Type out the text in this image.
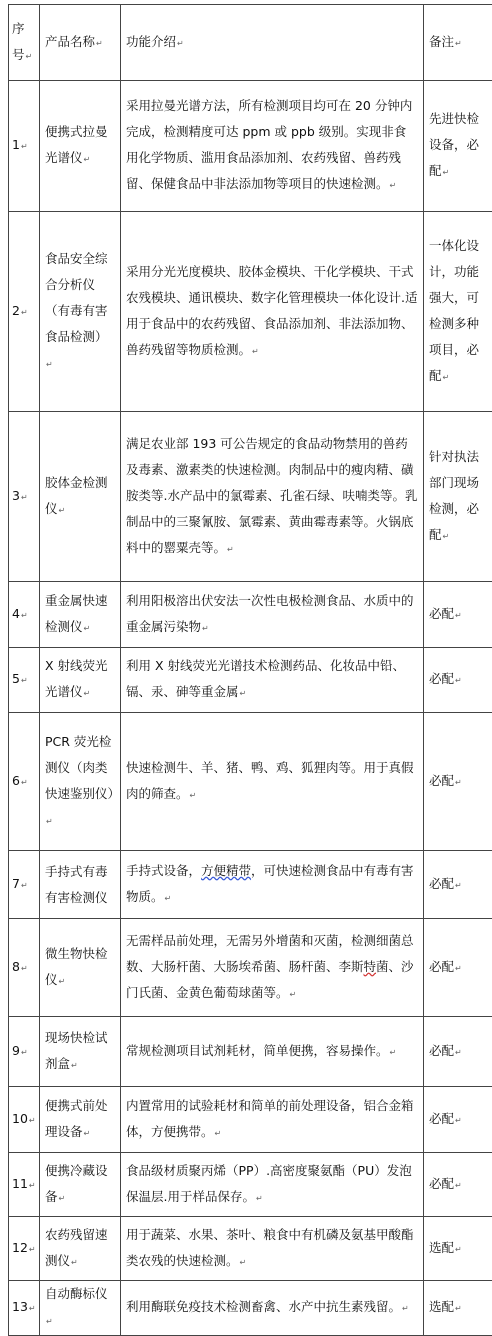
序号↵	产品名称↵	功能介绍↵	备注↵
1↵	便携式拉曼光谱仪↵	采用拉曼光谱方法，所有检测项目均可在 20 分钟内完成，检测精度可达 ppm 或 ppb 级别。实现非食用化学物质、滥用食品添加剂、农药残留、兽药残留、保健食品中非法添加物等项目的快速检测。↵	先进快检设备，必配↵
2↵	食品安全综合分析仪（有毒有害食品检测）↵	采用分光光度模块、胶体金模块、干化学模块、干式农残模块、通讯模块、数字化管理模块一体化设计.适用于食品中的农药残留、食品添加剂、非法添加物、兽药残留等物质检测。↵	一体化设计，功能强大，可检测多种项目，必配↵
3↵	胶体金检测仪↵	满足农业部 193 可公告规定的食品动物禁用的兽药及毒素、激素类的快速检测。肉制品中的瘦肉精、磺胺类等.水产品中的氯霉素、孔雀石绿、呋喃类等。乳制品中的三聚氰胺、氯霉素、黄曲霉毒素等。火锅底料中的罂粟壳等。↵	针对执法部门现场检测，必配↵
4↵	重金属快速检测仪↵	利用阳极溶出伏安法一次性电极检测食品、水质中的重金属污染物↵	必配↵
5↵	X 射线荧光光谱仪↵	利用 X 射线荧光光谱技术检测药品、化妆品中铅、镉、汞、砷等重金属↵	必配↵
6↵	PCR 荧光检测仪（肉类快速鉴别仪）↵	快速检测牛、羊、猪、鸭、鸡、狐狸肉等。用于真假肉的筛查。↵	必配↵
7↵	手持式有毒有害检测仪	手持式设备，方便精带，可快速检测食品中有毒有害物质。↵	必配↵
8↵	微生物快检仪↵	无需样品前处理，无需另外增菌和灭菌，检测细菌总数、大肠杆菌、大肠埃希菌、肠杆菌、李斯特菌、沙门氏菌、金黄色葡萄球菌等。↵	必配↵
9↵	现场快检试剂盒↵	常规检测项目试剂耗材，简单便携，容易操作。↵	必配↵
10↵	便携式前处理设备↵	内置常用的试验耗材和简单的前处理设备，铝合金箱体，方便携带。↵	必配↵
11↵	便携冷藏设备↵	食品级材质聚丙烯（PP）.高密度聚氨酯（PU）发泡保温层.用于样品保存。↵	必配↵
12↵	农药残留速测仪↵	用于蔬菜、水果、茶叶、粮食中有机磷及氨基甲酸酯类农残的快速检测。↵	选配↵
13↵	自动酶标仪↵	利用酶联免疫技术检测畜禽、水产中抗生素残留。↵	选配↵
